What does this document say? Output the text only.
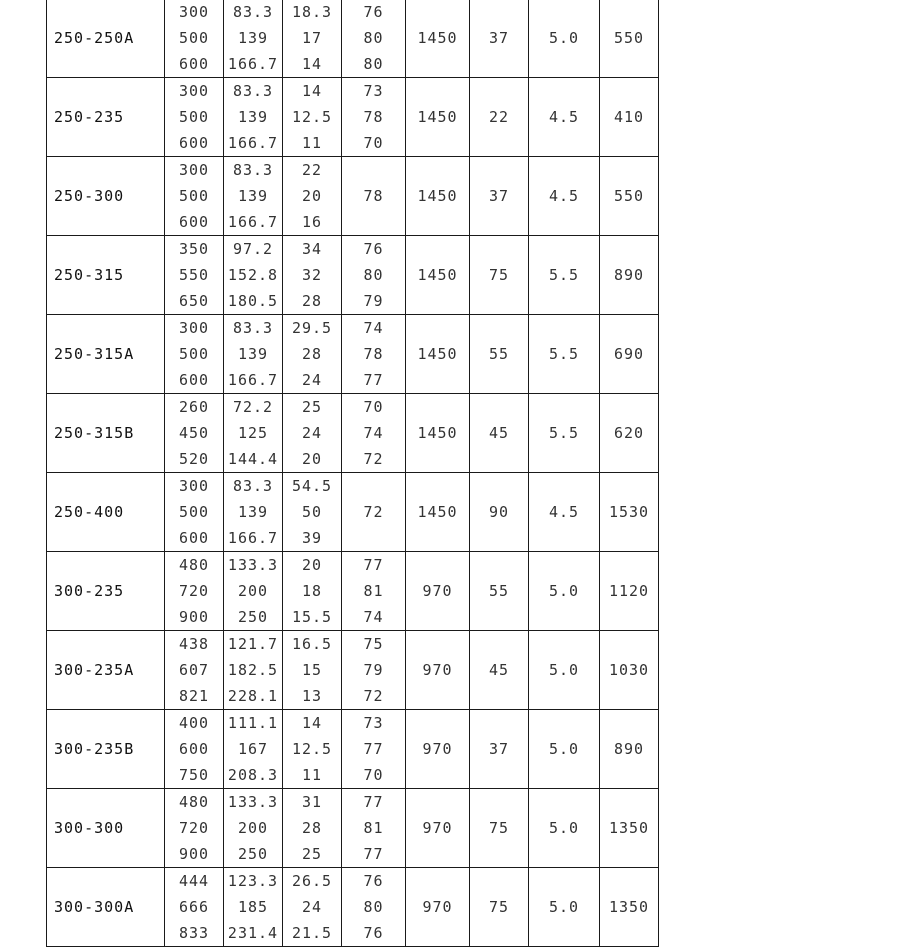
250-250A	300
500
600	83.3
139
166.7	18.3
17
14	76
80
80	1450	37	5.0	550
250-235	300
500
600	83.3
139
166.7	14
12.5
11	73
78
70	1450	22	4.5	410
250-300	300
500
600	83.3
139
166.7	22
20
16	78	1450	37	4.5	550
250-315	350
550
650	97.2
152.8
180.5	34
32
28	76
80
79	1450	75	5.5	890
250-315A	300
500
600	83.3
139
166.7	29.5
28
24	74
78
77	1450	55	5.5	690
250-315B	260
450
520	72.2
125
144.4	25
24
20	70
74
72	1450	45	5.5	620
250-400	300
500
600	83.3
139
166.7	54.5
50
39	72	1450	90	4.5	1530
300-235	480
720
900	133.3
200
250	20
18
15.5	77
81
74	970	55	5.0	1120
300-235A	438
607
821	121.7
182.5
228.1	16.5
15
13	75
79
72	970	45	5.0	1030
300-235B	400
600
750	111.1
167
208.3	14
12.5
11	73
77
70	970	37	5.0	890
300-300	480
720
900	133.3
200
250	31
28
25	77
81
77	970	75	5.0	1350
300-300A	444
666
833	123.3
185
231.4	26.5
24
21.5	76
80
76	970	75	5.0	1350
